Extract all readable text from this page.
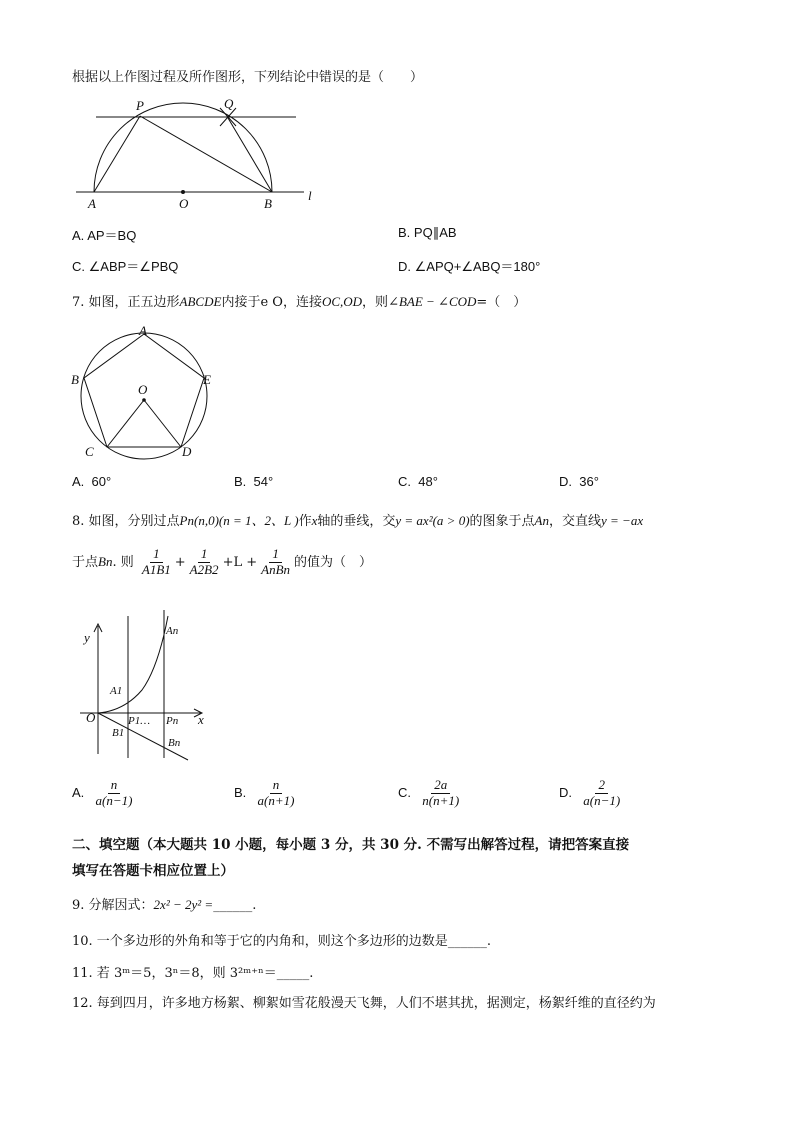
根据以上作图过程及所作图形，下列结论中错误的是（　　）
P	Q
A	O	B
l
A. AP＝BQ	B. PQ∥AB
C. ∠ABP＝∠PBQ	D. ∠APQ+∠ABQ＝180°
7. 如图，正五边形ABCDE内接于e O，连接OC,OD，则∠BAE − ∠COD=（　）
A
B	E
O
C	D
A. 60°	B. 54°	C. 48°	D. 36°
8. 如图，分别过点Pn(n,0)(n = 1、2、L )作x轴的垂线，交y = ax²(a > 0)的图象于点An，交直线y = −ax
于点Bn. 则 $\frac{1}{A1B1} + \frac{1}{A2B2} +L + \frac{1}{\text{AnBn}}$ 的值为（　）
y
x
O
An
A1
P1… Pn
B1
Bn
A. $\frac{n}{a(n-1)}$	B. $\frac{n}{a(n+1)}$	C. $\frac{2a}{n(n+1)}$	D. $\frac{2}{a(n-1)}$
二、填空题（本大题共 10 小题，每小题 3 分，共 30 分. 不需写出解答过程，请把答案直接
填写在答题卡相应位置上）
9. 分解因式：2x² − 2y² =______.
10. 一个多边形的外角和等于它的内角和，则这个多边形的边数是______.
11. 若 3ᵐ＝5，3ⁿ＝8，则 3²ᵐ⁺ⁿ＝_____.
12. 每到四月，许多地方杨絮、柳絮如雪花般漫天飞舞，人们不堪其扰，据测定，杨絮纤维的直径约为
